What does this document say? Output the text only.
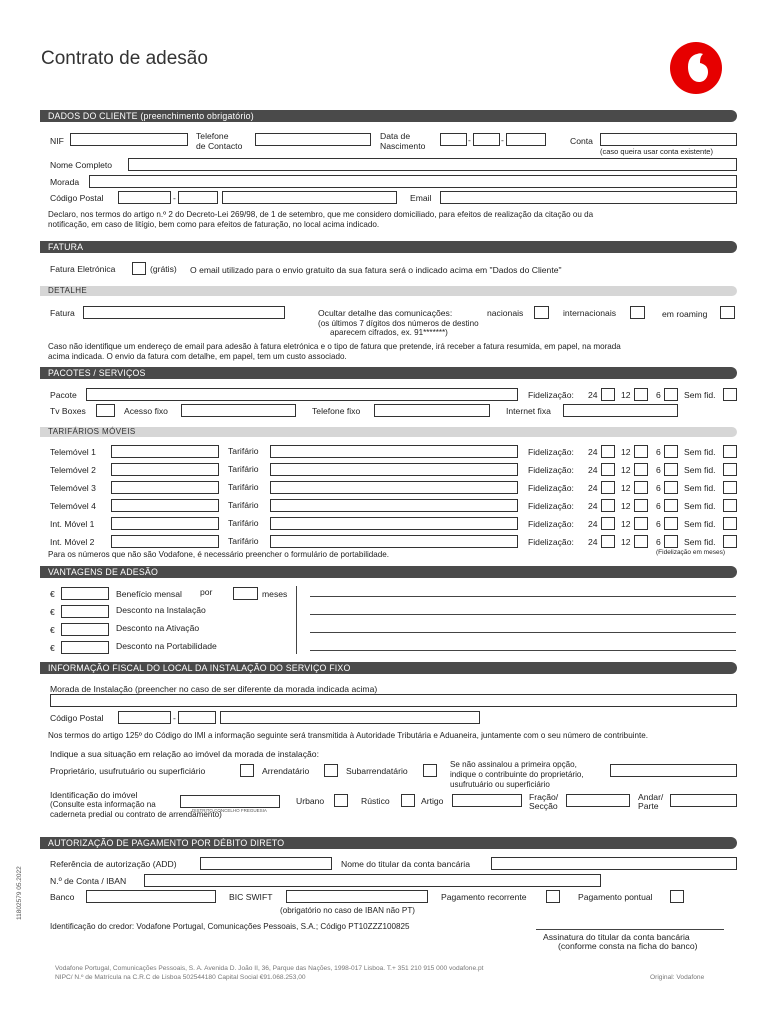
Contrato de adesão
DADOS DO CLIENTE (preenchimento obrigatório)
NIF	Telefone
de Contacto
Data de
Nascimento
-	-	Conta
(caso queira usar conta existente)
Nome Completo
Morada
Código Postal	-	Email
Declaro, nos termos do artigo n.º 2 do Decreto-Lei 269/98, de 1 de setembro, que me considero domiciliado, para efeitos de realização da citação ou da
notificação, em caso de litígio, bem como para efeitos de faturação, no local acima indicado.
FATURA
Fatura Eletrónica	(grátis) O email utilizado para o envio gratuito da sua fatura será o indicado acima em "Dados do Cliente"
DETALHE
Fatura	Ocultar detalhe das comunicações:	nacionais	internacionais	em roaming
(os últimos 7 dígitos dos números de destino
aparecem cifrados, ex. 91*******)
Caso não identifique um endereço de email para adesão à fatura eletrónica e o tipo de fatura que pretende, irá receber a fatura resumida, em papel, na morada
acima indicada. O envio da fatura com detalhe, em papel, tem um custo associado.
PACOTES / SERVIÇOS
Pacote	Fidelização: 24	12	6	Sem fid.
Tv Boxes	Acesso fixo	Telefone fixo	Internet fixa
TARIFÁRIOS MÓVEIS
Telemóvel 1	Tarifário	Fidelização: 24	12	6	Sem fid.
Telemóvel 2	Tarifário	Fidelização: 24	12	6	Sem fid.
Telemóvel 3	Tarifário	Fidelização: 24	12	6	Sem fid.
Telemóvel 4	Tarifário	Fidelização: 24	12	6	Sem fid.
Int. Móvel 1	Tarifário	Fidelização: 24	12	6	Sem fid.
Int. Móvel 2	Tarifário	Fidelização: 24	12	6	Sem fid.
Para os números que não são Vodafone, é necessário preencher o formulário de portabilidade.	(Fidelização em meses)
VANTAGENS DE ADESÃO
€	Benefício mensal por	meses
€	Desconto na Instalação
€	Desconto na Ativação
€	Desconto na Portabilidade
INFORMAÇÃO FISCAL DO LOCAL DA INSTALAÇÃO DO SERVIÇO FIXO
Morada de Instalação (preencher no caso de ser diferente da morada indicada acima)
Código Postal	-
Nos termos do artigo 125º do Código do IMI a informação seguinte será transmitida à Autoridade Tributária e Aduaneira, juntamente com o seu número de contribuinte.
Indique a sua situação em relação ao imóvel da morada de instalação:
Proprietário, usufrutuário ou superficiário	Arrendatário	Subarrendatário
Se não assinalou a primeira opção,
indique o contribuinte do proprietário,
usufrutuário ou superficiário
Identificação do imóvel
(Consulte esta informação na
caderneta predial ou contrato de arrendamento)
DISTRITO CONCELHO FREGUESIA
Urbano	Rústico	Artigo	Fração/
Secção
Andar/
Parte
AUTORIZAÇÃO DE PAGAMENTO POR DÉBITO DIRETO
Referência de autorização (ADD)	Nome do titular da conta bancária
N.º de Conta / IBAN
Banco	BIC SWIFT
(obrigatório no caso de IBAN não PT)
Pagamento recorrente	Pagamento pontual
Identificação do credor: Vodafone Portugal, Comunicações Pessoais, S.A.; Código PT10ZZZ100825
Assinatura do titular da conta bancária
(conforme consta na ficha do banco)
11802579 05.2022
Vodafone Portugal, Comunicações Pessoais, S. A. Avenida D. João II, 36, Parque das Nações, 1998-017 Lisboa. T.+ 351 210 915 000 vodafone.pt
NIPC/ N.º de Matrícula na C.R.C de Lisboa 502544180 Capital Social €91.068.253,00	Original: Vodafone
